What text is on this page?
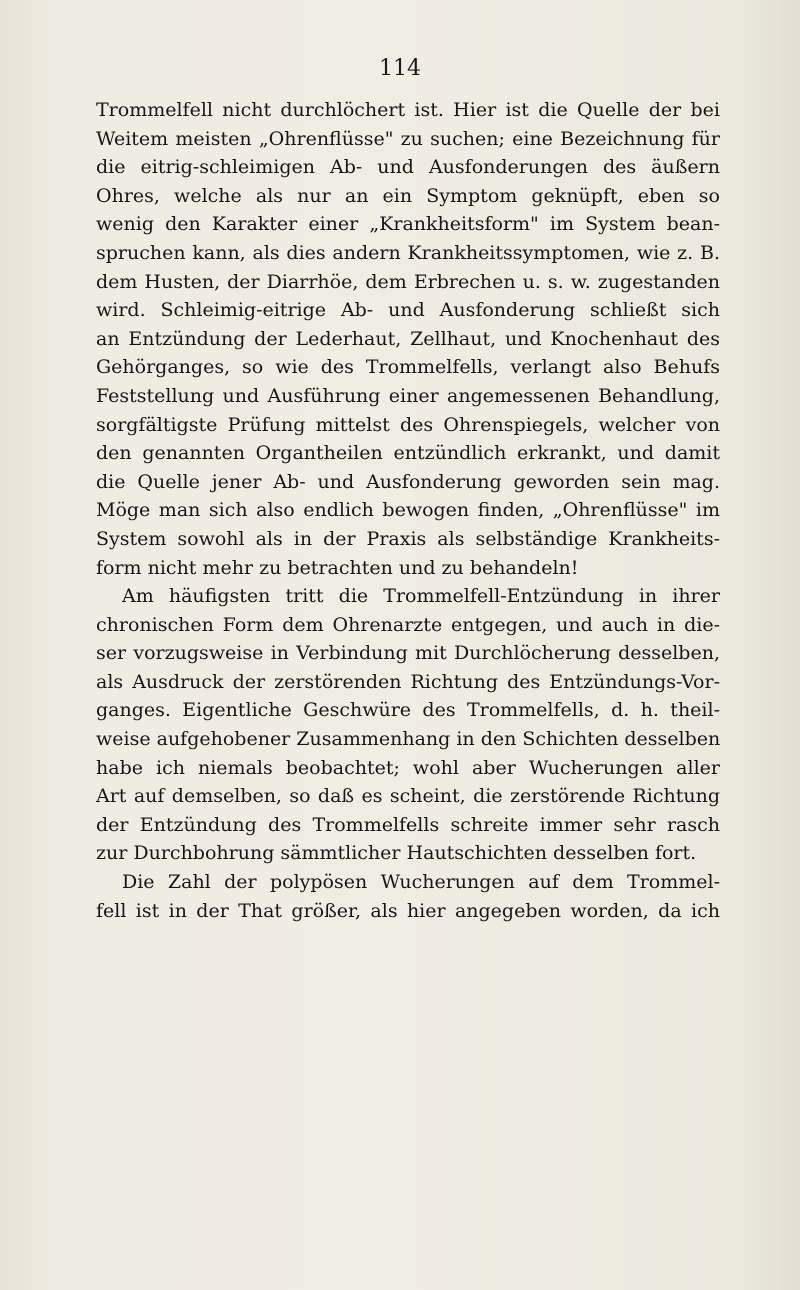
114
Trommelfell nicht durchlöchert ist. Hier ist die Quelle der bei
Weitem meisten „Ohrenflüsse" zu suchen; eine Bezeichnung für
die eitrig-schleimigen Ab- und Ausfonderungen des äußern
Ohres, welche als nur an ein Symptom geknüpft, eben so
wenig den Karakter einer „Krankheitsform" im System bean-
spruchen kann, als dies andern Krankheitssymptomen, wie z. B.
dem Husten, der Diarrhöe, dem Erbrechen u. s. w. zugestanden
wird. Schleimig-eitrige Ab- und Ausfonderung schließt sich
an Entzündung der Lederhaut, Zellhaut, und Knochenhaut des
Gehörganges, so wie des Trommelfells, verlangt also Behufs
Feststellung und Ausführung einer angemessenen Behandlung,
sorgfältigste Prüfung mittelst des Ohrenspiegels, welcher von
den genannten Organtheilen entzündlich erkrankt, und damit
die Quelle jener Ab- und Ausfonderung geworden sein mag.
Möge man sich also endlich bewogen finden, „Ohrenflüsse" im
System sowohl als in der Praxis als selbständige Krankheits-
form nicht mehr zu betrachten und zu behandeln!
Am häufigsten tritt die Trommelfell-Entzündung in ihrer
chronischen Form dem Ohrenarzte entgegen, und auch in die-
ser vorzugsweise in Verbindung mit Durchlöcherung desselben,
als Ausdruck der zerstörenden Richtung des Entzündungs-Vor-
ganges. Eigentliche Geschwüre des Trommelfells, d. h. theil-
weise aufgehobener Zusammenhang in den Schichten desselben
habe ich niemals beobachtet; wohl aber Wucherungen aller
Art auf demselben, so daß es scheint, die zerstörende Richtung
der Entzündung des Trommelfells schreite immer sehr rasch
zur Durchbohrung sämmtlicher Hautschichten desselben fort.
Die Zahl der polypösen Wucherungen auf dem Trommel-
fell ist in der That größer, als hier angegeben worden, da ich
